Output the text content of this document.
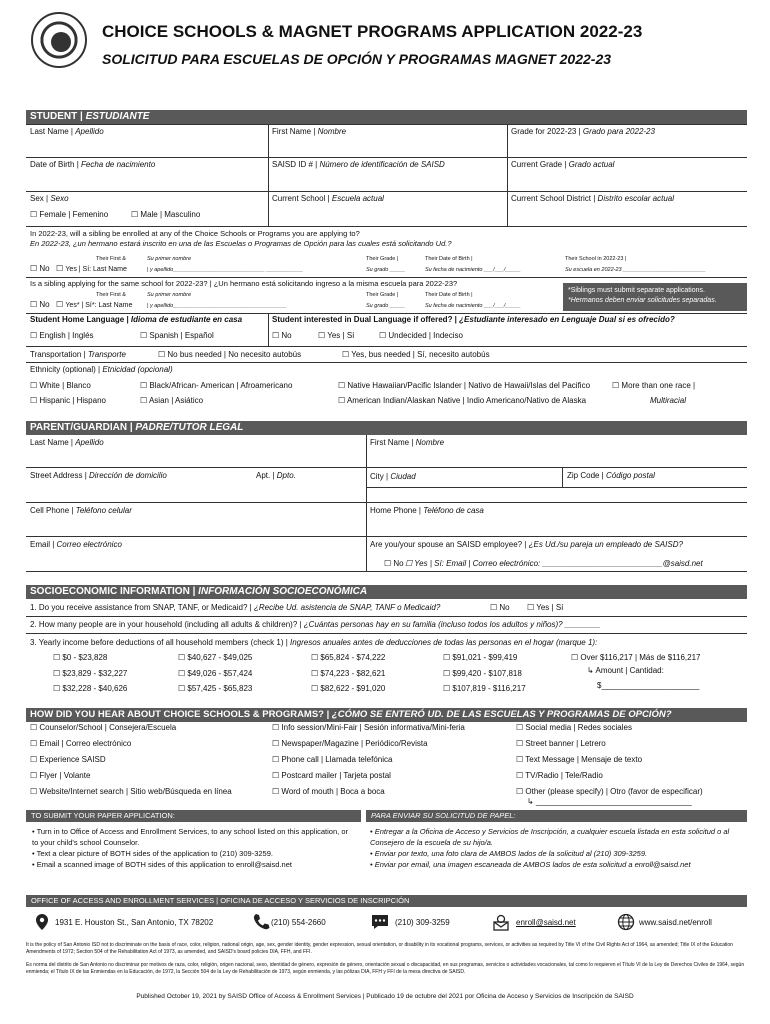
CHOICE SCHOOLS & MAGNET PROGRAMS APPLICATION 2022-23
SOLICITUD PARA ESCUELAS DE OPCIÓN Y PROGRAMAS MAGNET 2022-23
STUDENT | ESTUDIANTE
Last Name | Apellido	First Name | Nombre	Grade for 2022-23 | Grado para 2022-23
Date of Birth | Fecha de nacimiento	SAISD ID # | Número de identificación de SAISD	Current Grade | Grado actual
Sex | Sexo	Current School | Escuela actual	Current School District | Distrito escolar actual
☐ Female | Femenino	☐ Male | Masculino
In 2022-23, will a sibling be enrolled at any of the Choice Schools or Programs you are applying to?
En 2022-23, ¿un hermano estará inscrito en una de las Escuelas o Programas de Opción para las cuales está solicitando Ud.?
Their First &	Su primer nombre	Their Grade |	Their Date of Birth |	Their School in 2022-23 |
☐ No	☐ Yes | Sí: Last Name	| y apellido______________________________ ____________	Su grado _____	Su fecha de nacimiento ___/___/_____	Su escuela en 2022-23 ___________________________
Is a sibling applying for the same school for 2022-23? | ¿Un hermano está solicitando ingreso a la misma escuela para 2022-23?
*Siblings must submit separate applications.
*Hermanos deben enviar solicitudes separadas.
Their First &	Su primer nombre	Their Grade |	Their Date of Birth |
☐ No	☐ Yes* | Sí*: Last Name	| y apellido_____________________________________	Su grado _____	Su fecha de nacimiento ___/___/_____
Student Home Language | Idioma de estudiante en casa	Student interested in Dual Language if offered? | ¿Estudiante interesado en Lenguaje Dual si es ofrecido?
☐ English | Inglés	☐ Spanish | Español	☐ No	☐ Yes | Sí	☐ Undecided | Indeciso
Transportation | Transporte	☐ No bus needed | No necesito autobús	☐ Yes, bus needed | Sí, necesito autobús
Ethnicity (optional) | Etnicidad (opcional)
☐ White | Blanco	☐ Black/African- American | Afroamericano	☐ Native Hawaiian/Pacific Islander | Nativo de Hawaii/Islas del Pacifico	☐ More than one race |
☐ Hispanic | Hispano	☐ Asian | Asiático	☐ American Indian/Alaskan Native | Indio Americano/Nativo de Alaska	Multiracial
PARENT/GUARDIAN | PADRE/TUTOR LEGAL
Last Name | Apellido	First Name | Nombre
Street Address | Dirección de domicilio	Apt. | Dpto.	City | Ciudad	Zip Code | Código postal
Cell Phone | Teléfono celular	Home Phone | Teléfono de casa
Email | Correo electrónico	Are you/your spouse an SAISD employee? | ¿Es Ud./su pareja un empleado de SAISD?
☐ No	☐ Yes | Sí: Email | Correo electrónico: ___________________________@saisd.net
SOCIOECONOMIC INFORMATION | INFORMACIÓN SOCIOECONÓMICA
1. Do you receive assistance from SNAP, TANF, or Medicaid? | ¿Recibe Ud. asistencia de SNAP, TANF o Medicaid?	☐ No	☐ Yes | Sí
2. How many people are in your household (including all adults & children)? | ¿Cuántas personas hay en su familia (incluso todos los adultos y niños)? ________
3. Yearly income before deductions of all household members (check 1) | Ingresos anuales antes de deducciones de todas las personas en el hogar (marque 1):
☐ $0 - $23,828	☐ $40,627 - $49,025	☐ $65,824 - $74,222	☐ $91,021 - $99,419	☐ Over $116,217 | Más de $116,217
☐ $23,829 - $32,227	☐ $49,026 - $57,424	☐ $74,223 - $82,621	☐ $99,420 - $107,818	↳ Amount | Cantidad:
☐ $32,228 - $40,626	☐ $57,425 - $65,823	☐ $82,622 - $91,020	☐ $107,819 - $116,217	$______________________
HOW DID YOU HEAR ABOUT CHOICE SCHOOLS & PROGRAMS? | ¿CÓMO SE ENTERÓ UD. DE LAS ESCUELAS Y PROGRAMAS DE OPCIÓN?
☐ Counselor/School | Consejera/Escuela
☐ Email | Correo electrónico
☐ Experience SAISD
☐ Flyer | Volante
☐ Website/Internet search | Sitio web/Búsqueda en línea
☐ Info session/Mini-Fair | Sesión informativa/Mini-feria
☐ Newspaper/Magazine | Periódico/Revista
☐ Phone call | Llamada telefónica
☐ Postcard mailer | Tarjeta postal
☐ Word of mouth | Boca a boca
☐ Social media | Redes sociales
☐ Street banner | Letrero
☐ Text Message | Mensaje de texto
☐ TV/Radio | Tele/Radio
☐ Other (please specify) | Otro (favor de especificar)
↳ ___________________________________
TO SUBMIT YOUR PAPER APPLICATION:	PARA ENVIAR SU SOLICITUD DE PAPEL:
• Turn in to Office of Access and Enrollment Services, to any school listed on this application, or to your child's school Counselor.
• Text a clear picture of BOTH sides of the application to (210) 309-3259.
• Email a scanned image of BOTH sides of this application to enroll@saisd.net
• Entregar a la Oficina de Acceso y Servicios de Inscripción, a cualquier escuela listada en esta solicitud o al Consejero de la escuela de su hijo/a.
• Enviar por texto, una foto clara de AMBOS lados de la solicitud al (210) 309-3259.
• Enviar por email, una imagen escaneada de AMBOS lados de esta solicitud a enroll@saisd.net
OFFICE OF ACCESS AND ENROLLMENT SERVICES | OFICINA DE ACCESO Y SERVICIOS DE INSCRIPCIÓN
1931 E. Houston St., San Antonio, TX 78202	(210) 554-2660	(210) 309-3259	enroll@saisd.net	www.saisd.net/enroll
It is the policy of San Antonio ISD not to discriminate on the basis of race, color, religion, national origin, age, sex, gender identity, gender expression, sexual orientation, or disability in its vocational programs, services, or activities as required by Title VI of the Civil Rights Act of 1964, as amended; Title IX of the Education Amendments of 1972; Section 504 of the Rehabilitation Act of 1973, as amended, and SAISD's board policies DIA, FFH, and FFI.
Es norma del distrito de San Antonio no discriminar por motivos de raza, color, religión, origen nacional, sexo, identidad de género, expresión de género, orientación sexual o discapacidad, en sus programas, servicios o actividades vocacionales, tal como lo requieren el Título VI de la Ley de Derechos Civiles de 1964, según enmienda; el Título IX de las Enmiendas en la Educación, de 1972, la Sección 504 de la Ley de Rehabilitación de 1973, según enmienda, y las pólizas DIA, FFH y FFI de la mesa directiva de SAISD.
Published October 19, 2021 by SAISD Office of Access & Enrollment Services | Publicado 19 de octubre del 2021 por Oficina de Acceso y Servicios de Inscripción de SAISD
